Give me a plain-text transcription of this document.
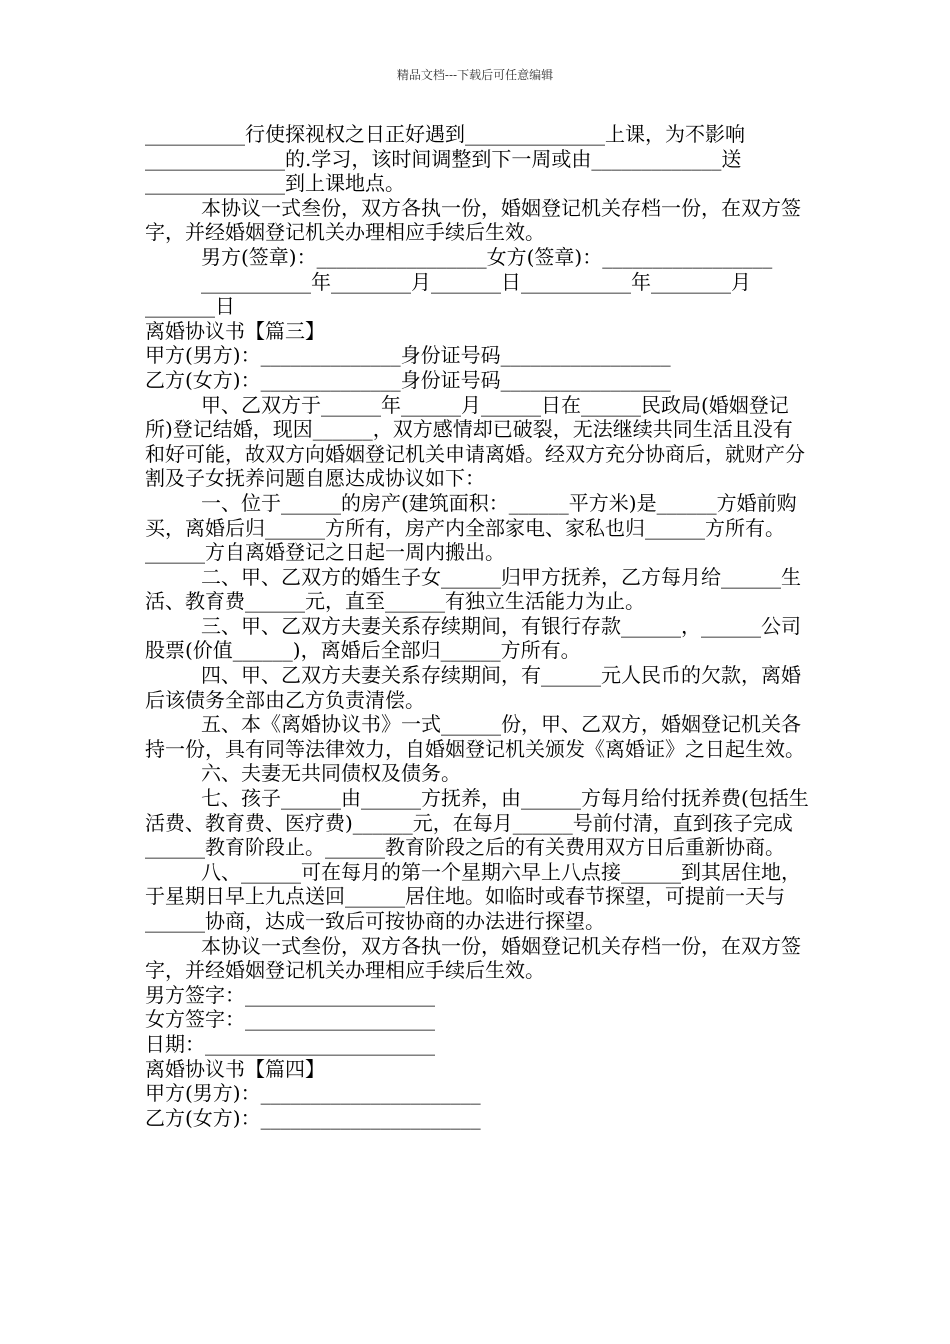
精品文档---下载后可任意编辑

__________行使探视权之日正好遇到______________上课，为不影响______________的.学习，该时间调整到下一周或由_____________送______________到上课地点。

本协议一式叁份，双方各执一份，婚姻登记机关存档一份，在双方签字，并经婚姻登记机关办理相应手续后生效。

男方(签章)：_________________女方(签章)：_________________

___________年________月_______日___________年________月_______日

离婚协议书【篇三】

甲方(男方)：______________身份证号码_________________

乙方(女方)：______________身份证号码_________________

甲、乙双方于______年______月______日在______民政局(婚姻登记所)登记结婚，现因______，双方感情却已破裂，无法继续共同生活且没有和好可能，故双方向婚姻登记机关申请离婚。经双方充分协商后，就财产分割及子女抚养问题自愿达成协议如下：

一、位于______的房产(建筑面积：______平方米)是______方婚前购买，离婚后归______方所有，房产内全部家电、家私也归______方所有。______方自离婚登记之日起一周内搬出。

二、甲、乙双方的婚生子女______归甲方抚养，乙方每月给______生活、教育费______元，直至______有独立生活能力为止。

三、甲、乙双方夫妻关系存续期间，有银行存款______，______公司股票(价值______)，离婚后全部归______方所有。

四、甲、乙双方夫妻关系存续期间，有______元人民币的欠款，离婚后该债务全部由乙方负责清偿。

五、本《离婚协议书》一式______份，甲、乙双方，婚姻登记机关各持一份，具有同等法律效力，自婚姻登记机关颁发《离婚证》之日起生效。

六、夫妻无共同债权及债务。

七、孩子______由______方抚养，由______方每月给付抚养费(包括生活费、教育费、医疗费)______元，在每月______号前付清，直到孩子完成______教育阶段止。______教育阶段之后的有关费用双方日后重新协商。

八、______可在每月的第一个星期六早上八点接______到其居住地，于星期日早上九点送回______居住地。如临时或春节探望，可提前一天与______协商，达成一致后可按协商的办法进行探望。

本协议一式叁份，双方各执一份，婚姻登记机关存档一份，在双方签字，并经婚姻登记机关办理相应手续后生效。

男方签字：___________________

女方签字：___________________

日期：_______________________

离婚协议书【篇四】

甲方(男方)：______________________

乙方(女方)：______________________
